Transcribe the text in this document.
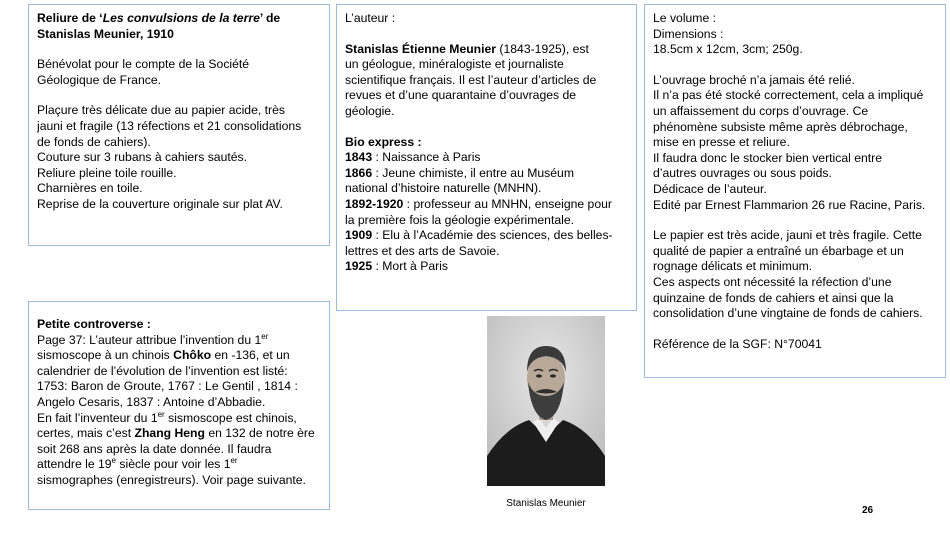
Reliure de ‘Les convulsions de la terre’ de

Stanislas Meunier, 1910

Bénévolat pour le compte de la Société

Géologique de France.

Plaçure très délicate due au papier acide, très

jauni et fragile (13 réfections et 21 consolidations

de fonds de cahiers).

Couture sur 3 rubans à cahiers sautés.

Reliure pleine toile rouille.

Charnières en toile.

Reprise de la couverture originale sur plat AV.

L’auteur :

Stanislas Étienne Meunier (1843-1925), est

un géologue, minéralogiste et journaliste

scientifique français. Il est l’auteur d’articles de

revues et d’une quarantaine d’ouvrages de

géologie.

Bio express :

1843 : Naissance à Paris

1866 : Jeune chimiste, il entre au Muséum

national d’histoire naturelle (MNHN).

1892-1920 : professeur au MNHN, enseigne pour

la première fois la géologie expérimentale.

1909 : Elu à l’Académie des sciences, des belles-

lettres et des arts de Savoie.

1925 : Mort à Paris

Le volume :

Dimensions :

18.5cm x 12cm, 3cm; 250g.

L’ouvrage broché n’a jamais été relié.

Il n’a pas été stocké correctement, cela a impliqué

un affaissement du corps d’ouvrage. Ce

phénomène subsiste même après débrochage,

mise en presse et reliure.

Il faudra donc le stocker bien vertical entre

d’autres ouvrages ou sous poids.

Dédicace de l’auteur.

Edité par Ernest Flammarion 26 rue Racine, Paris.

Le papier est très acide, jauni et très fragile. Cette

qualité de papier a entraîné un ébarbage et un

rognage délicats et minimum.

Ces aspects ont nécessité la réfection d’une

quinzaine de fonds de cahiers et ainsi que la

consolidation d’une vingtaine de fonds de cahiers.

Référence de la SGF: N°70041

Petite controverse :

Page 37: L’auteur attribue l’invention du 1er

sismoscope à un chinois Chôko en -136, et un

calendrier de l’évolution de l’invention est listé:

1753: Baron de Groute, 1767 : Le Gentil , 1814 :

Angelo Cesaris, 1837 : Antoine d’Abbadie.

En fait l’inventeur du 1er sismoscope est chinois,

certes, mais c’est Zhang Heng en 132 de notre ère

soit 268 ans après la date donnée. Il faudra

attendre le 19e siècle pour voir les 1er

sismographes (enregistreurs). Voir page suivante.

Stanislas Meunier
26
